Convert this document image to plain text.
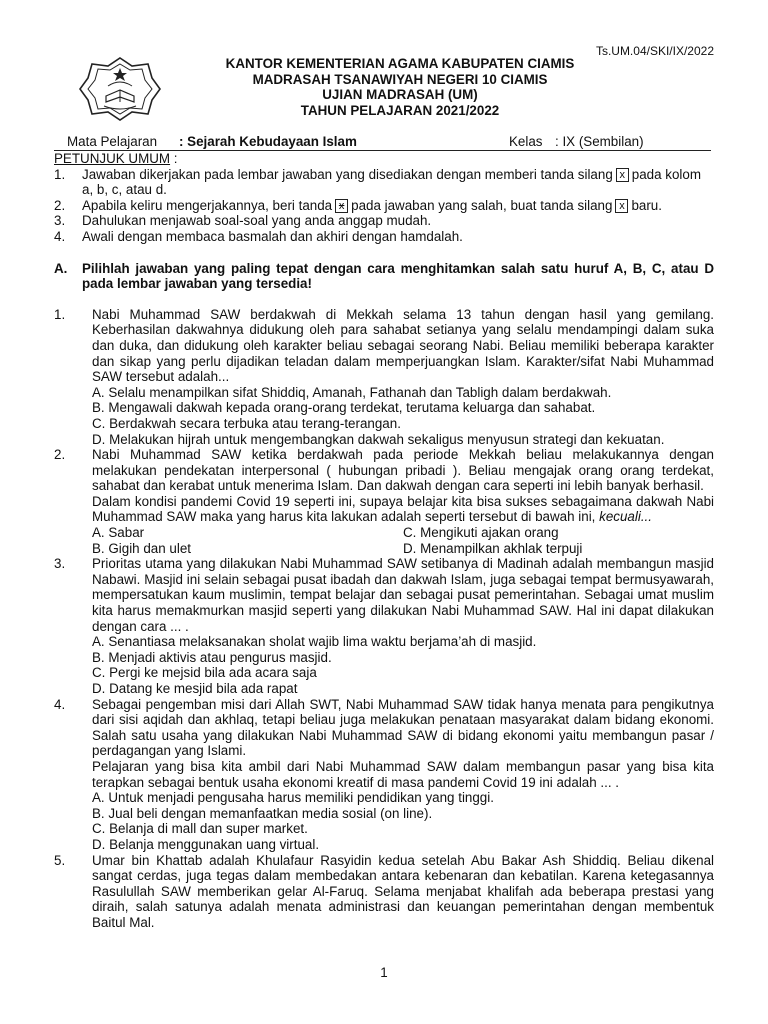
Ts.UM.04/SKI/IX/2022
KANTOR KEMENTERIAN AGAMA KABUPATEN CIAMIS
MADRASAH TSANAWIYAH NEGERI 10 CIAMIS
UJIAN MADRASAH (UM)
TAHUN PELAJARAN 2021/2022
Mata Pelajaran : Sejarah Kebudayaan Islam	Kelas : IX (Sembilan)
PETUNJUK UMUM :
1. Jawaban dikerjakan pada lembar jawaban yang disediakan dengan memberi tanda silang x pada kolom a, b, c, atau d.
2. Apabila keliru mengerjakannya, beri tanda x pada jawaban yang salah, buat tanda silang x baru.
3. Dahulukan menjawab soal-soal yang anda anggap mudah.
4. Awali dengan membaca basmalah dan akhiri dengan hamdalah.
A. Pilihlah jawaban yang paling tepat dengan cara menghitamkan salah satu huruf A, B, C, atau D pada lembar jawaban yang tersedia!
1. Nabi Muhammad SAW berdakwah di Mekkah selama 13 tahun dengan hasil yang gemilang. Keberhasilan dakwahnya didukung oleh para sahabat setianya yang selalu mendampingi dalam suka dan duka, dan didukung oleh karakter beliau sebagai seorang Nabi. Beliau memiliki beberapa karakter dan sikap yang perlu dijadikan teladan dalam memperjuangkan Islam. Karakter/sifat Nabi Muhammad SAW tersebut adalah...
A. Selalu menampilkan sifat Shiddiq, Amanah, Fathanah dan Tabligh dalam berdakwah.
B. Mengawali dakwah kepada orang-orang terdekat, terutama keluarga dan sahabat.
C. Berdakwah secara terbuka atau terang-terangan.
D. Melakukan hijrah untuk mengembangkan dakwah sekaligus menyusun strategi dan kekuatan.
2. Nabi Muhammad SAW ketika berdakwah pada periode Mekkah beliau melakukannya dengan melakukan pendekatan interpersonal ( hubungan pribadi ). Beliau mengajak orang orang terdekat, sahabat dan kerabat untuk menerima Islam. Dan dakwah dengan cara seperti ini lebih banyak berhasil.
Dalam kondisi pandemi Covid 19 seperti ini, supaya belajar kita bisa sukses sebagaimana dakwah Nabi Muhammad SAW maka yang harus kita lakukan adalah seperti tersebut di bawah ini, kecuali...
A. Sabar	C. Mengikuti ajakan orang
B. Gigih dan ulet	D. Menampilkan akhlak terpuji
3. Prioritas utama yang dilakukan Nabi Muhammad SAW setibanya di Madinah adalah membangun masjid Nabawi. Masjid ini selain sebagai pusat ibadah dan dakwah Islam, juga sebagai tempat bermusyawarah, mempersatukan kaum muslimin, tempat belajar dan sebagai pusat pemerintahan. Sebagai umat muslim kita harus memakmurkan masjid seperti yang dilakukan Nabi Muhammad SAW. Hal ini dapat dilakukan dengan cara ... .
A. Senantiasa melaksanakan sholat wajib lima waktu berjama’ah di masjid.
B. Menjadi aktivis atau pengurus masjid.
C. Pergi ke mejsid bila ada acara saja
D. Datang ke mesjid bila ada rapat
4. Sebagai pengemban misi dari Allah SWT, Nabi Muhammad SAW tidak hanya menata para pengikutnya dari sisi aqidah dan akhlaq, tetapi beliau juga melakukan penataan masyarakat dalam bidang ekonomi. Salah satu usaha yang dilakukan Nabi Muhammad SAW di bidang ekonomi yaitu membangun pasar / perdagangan yang Islami.
Pelajaran yang bisa kita ambil dari Nabi Muhammad SAW dalam membangun pasar yang bisa kita terapkan sebagai bentuk usaha ekonomi kreatif di masa pandemi Covid 19 ini adalah ... .
A. Untuk menjadi pengusaha harus memiliki pendidikan yang tinggi.
B. Jual beli dengan memanfaatkan media sosial (on line).
C. Belanja di mall dan super market.
D. Belanja menggunakan uang virtual.
5. Umar bin Khattab adalah Khulafaur Rasyidin kedua setelah Abu Bakar Ash Shiddiq. Beliau dikenal sangat cerdas, juga tegas dalam membedakan antara kebenaran dan kebatilan. Karena ketegasannya Rasulullah SAW memberikan gelar Al-Faruq. Selama menjabat khalifah ada beberapa prestasi yang diraih, salah satunya adalah menata administrasi dan keuangan pemerintahan dengan membentuk Baitul Mal.
1
